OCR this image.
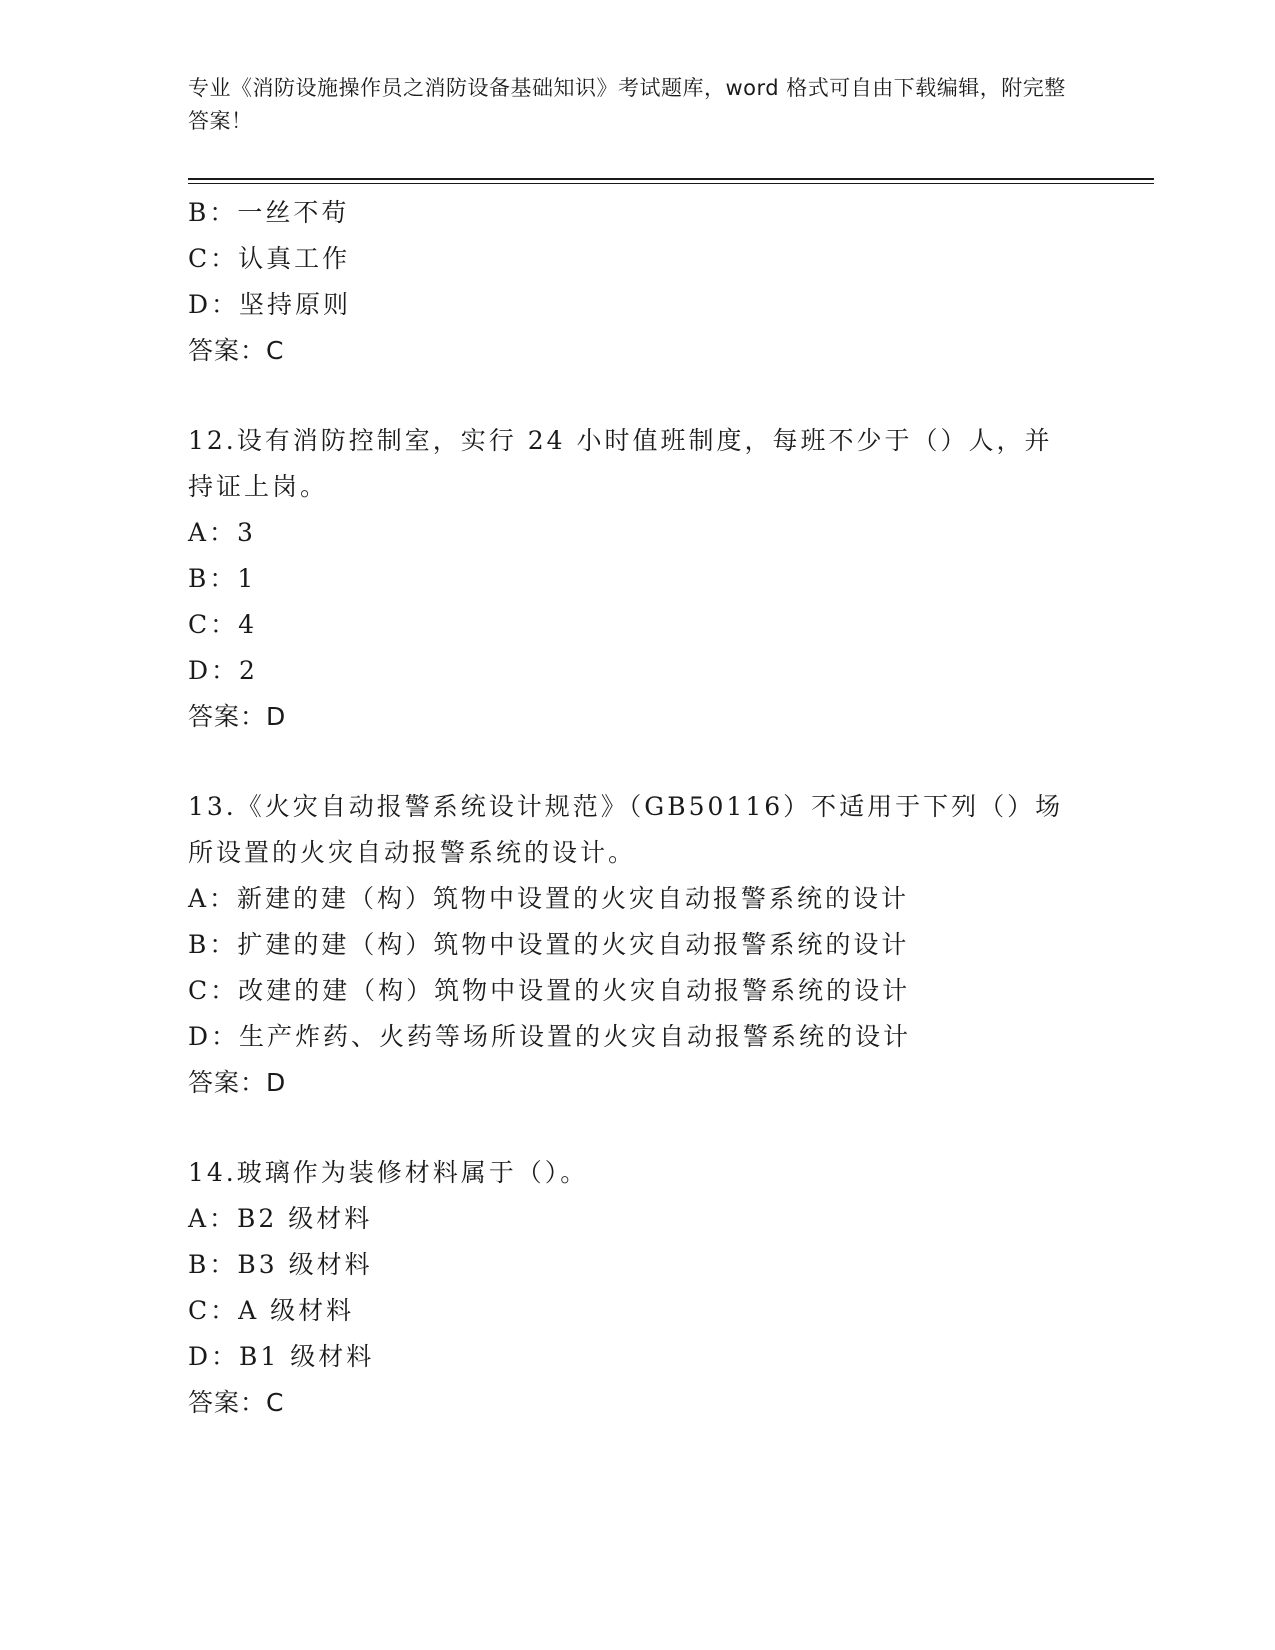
专业《消防设施操作员之消防设备基础知识》考试题库，word 格式可自由下载编辑，附完整答案！
B：一丝不苟
C：认真工作
D：坚持原则
答案：C
12.设有消防控制室，实行 24 小时值班制度，每班不少于（）人，并持证上岗。
A：3
B：1
C：4
D：2
答案：D
13.《火灾自动报警系统设计规范》（GB50116）不适用于下列（）场所设置的火灾自动报警系统的设计。
A：新建的建（构）筑物中设置的火灾自动报警系统的设计
B：扩建的建（构）筑物中设置的火灾自动报警系统的设计
C：改建的建（构）筑物中设置的火灾自动报警系统的设计
D：生产炸药、火药等场所设置的火灾自动报警系统的设计
答案：D
14.玻璃作为装修材料属于（）。
A：B2 级材料
B：B3 级材料
C：A 级材料
D：B1 级材料
答案：C
